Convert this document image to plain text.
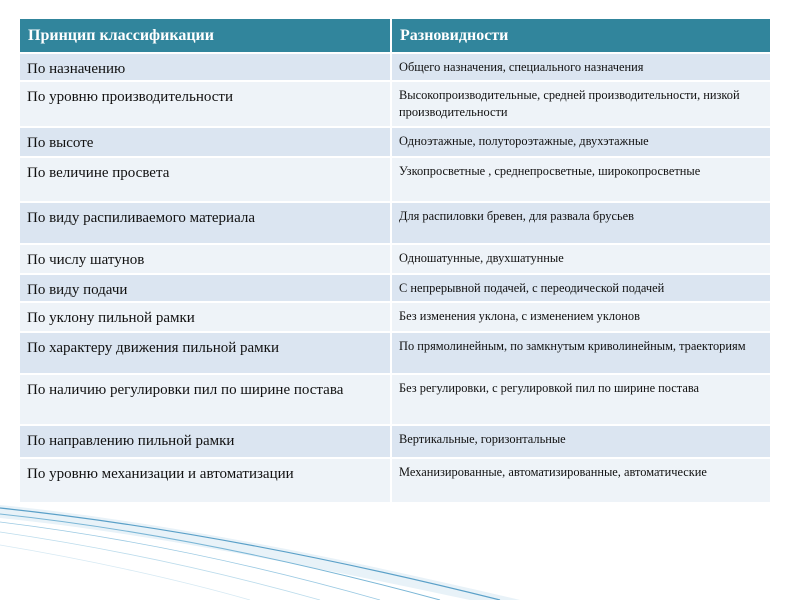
Принцип классификации	Разновидности
По назначению	Общего назначения, специального назначения
По уровню производительности	Высокопроизводительные, средней производительности, низкой производительности
По высоте	Одноэтажные, полутороэтажные, двухэтажные
По величине просвета	Узкопросветные , среднепросветные, широкопросветные
По виду распиливаемого материала	Для распиловки бревен, для развала брусьев
По числу шатунов	Одношатунные, двухшатунные
По виду подачи	С непрерывной подачей, с переодической подачей
По уклону пильной рамки	Без изменения уклона, с изменением уклонов
По характеру движения пильной рамки	По прямолинейным, по замкнутым криволинейным, траекториям
По наличию регулировки пил по ширине постава	Без регулировки, с регулировкой пил по ширине постава
По направлению пильной рамки	Вертикальные, горизонтальные
По уровню механизации и автоматизации	Механизированные, автоматизированные, автоматические
